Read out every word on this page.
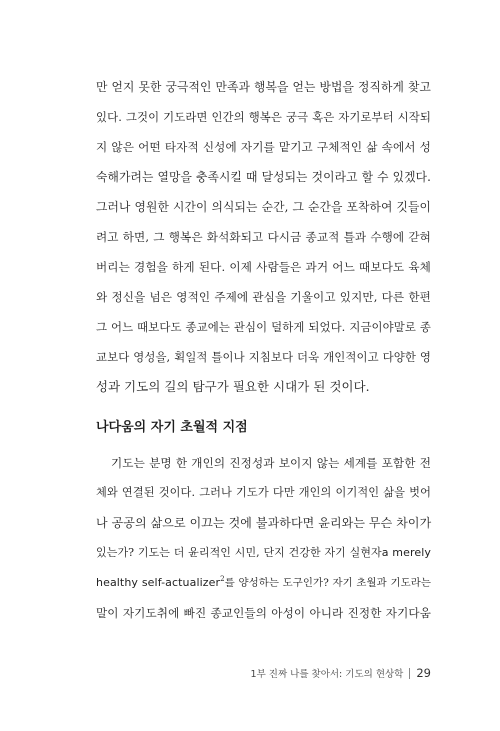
만 얻지 못한 궁극적인 만족과 행복을 얻는 방법을 정직하게 찾고
있다. 그것이 기도라면 인간의 행복은 궁극 혹은 자기로부터 시작되
지 않은 어떤 타자적 신성에 자기를 맡기고 구체적인 삶 속에서 성
숙해가려는 열망을 충족시킬 때 달성되는 것이라고 할 수 있겠다.
그러나 영원한 시간이 의식되는 순간, 그 순간을 포착하여 깃들이
려고 하면, 그 행복은 화석화되고 다시금 종교적 틀과 수행에 갇혀
버리는 경험을 하게 된다. 이제 사람들은 과거 어느 때보다도 육체
와 정신을 넘은 영적인 주제에 관심을 기울이고 있지만, 다른 한편
그 어느 때보다도 종교에는 관심이 덜하게 되었다. 지금이야말로 종
교보다 영성을, 획일적 틀이나 지침보다 더욱 개인적이고 다양한 영
성과 기도의 길의 탐구가 필요한 시대가 된 것이다.
나다움의 자기 초월적 지점
기도는 분명 한 개인의 진정성과 보이지 않는 세계를 포함한 전
체와 연결된 것이다. 그러나 기도가 다만 개인의 이기적인 삶을 벗어
나 공공의 삶으로 이끄는 것에 불과하다면 윤리와는 무슨 차이가
있는가? 기도는 더 윤리적인 시민, 단지 건강한 자기 실현자a merely
healthy self-actualizer$^2$를 양성하는 도구인가? 자기 초월과 기도라는
말이 자기도취에 빠진 종교인들의 아성이 아니라 진정한 자기다움
1부 진짜 나를 찾아서: 기도의 현상학 29
